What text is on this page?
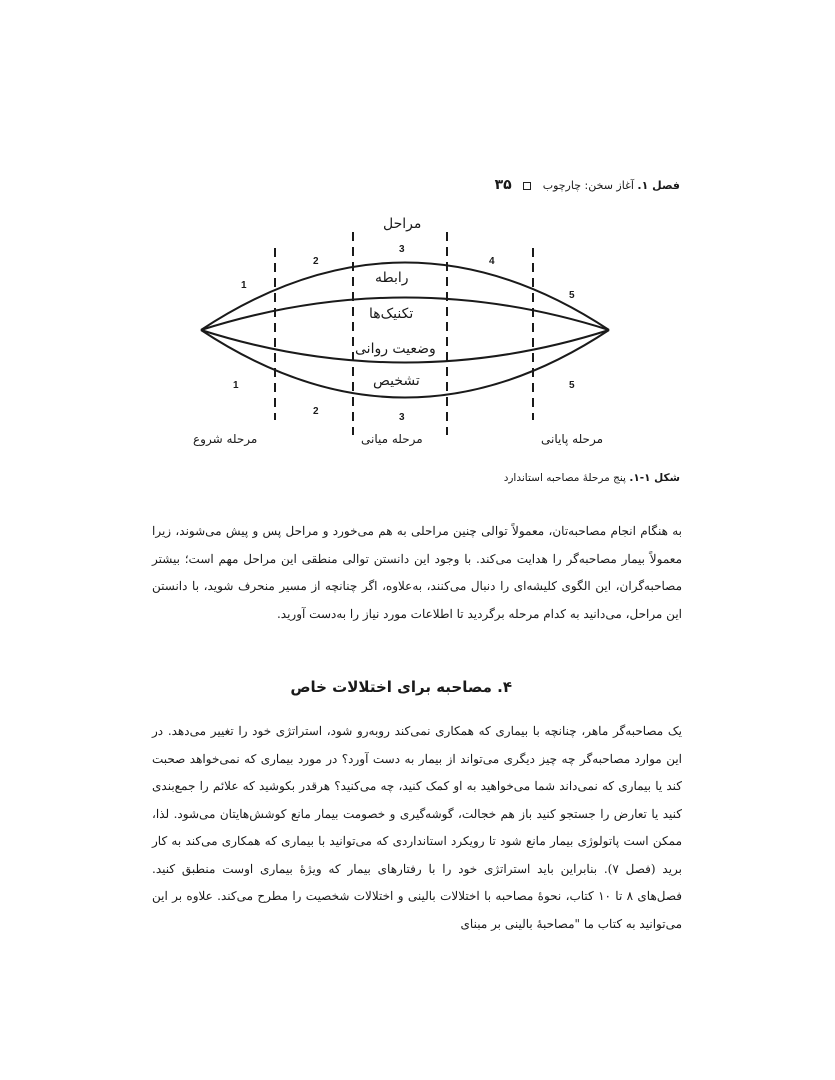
فصل ۱. آغاز سخن: چارچوب  ۳۵
مراحل
رابطه
تکنیک‌ها
وضعیت روانی
تشخیص
1
2
3
4
5
1
2
3
5
مرحله شروع	مرحله میانی	مرحله پایانی
شکل ۱-۱. پنج مرحلهٔ مصاحبه استاندارد

به هنگام انجام مصاحبه‌تان، معمولاً توالی چنین مراحلی به هم می‌خورد و مراحل پس و پیش می‌شوند، زیرا معمولاً بیمار مصاحبه‌گر را هدایت می‌کند. با وجود این دانستن توالی منطقی این مراحل مهم است؛ بیشتر مصاحبه‌گران، این الگوی کلیشه‌ای را دنبال می‌کنند، به‌علاوه، اگر چنانچه از مسیر منحرف شوید، با دانستن این مراحل، می‌دانید به کدام مرحله برگردید تا اطلاعات مورد نیاز را به‌دست آورید.

۴. مصاحبه برای اختلالات خاص

یک مصاحبه‌گر ماهر، چنانچه با بیماری که همکاری نمی‌کند روبه‌رو شود، استراتژی خود را تغییر می‌دهد. در این موارد مصاحبه‌گر چه چیز دیگری می‌تواند از بیمار به دست آورد؟ در مورد بیماری که نمی‌خواهد صحبت کند یا بیماری که نمی‌داند شما می‌خواهید به او کمک کنید، چه می‌کنید؟ هرقدر بکوشید که علائم را جمع‌بندی کنید یا تعارض را جستجو کنید باز هم خجالت، گوشه‌گیری و خصومت بیمار مانع کوشش‌هایتان می‌شود. لذا، ممکن است پاتولوژی بیمار مانع شود تا رویکرد استانداردی که می‌توانید با بیماری که همکاری می‌کند به کار برید (فصل ۷). بنابراین باید استراتژی خود را با رفتارهای بیمار که ویژهٔ بیماری اوست منطبق کنید. فصل‌های ۸ تا ۱۰ کتاب، نحوهٔ مصاحبه با اختلالات بالینی و اختلالات شخصیت را مطرح می‌کند. علاوه بر این می‌توانید به کتاب ما "مصاحبهٔ بالینی بر مبنای
